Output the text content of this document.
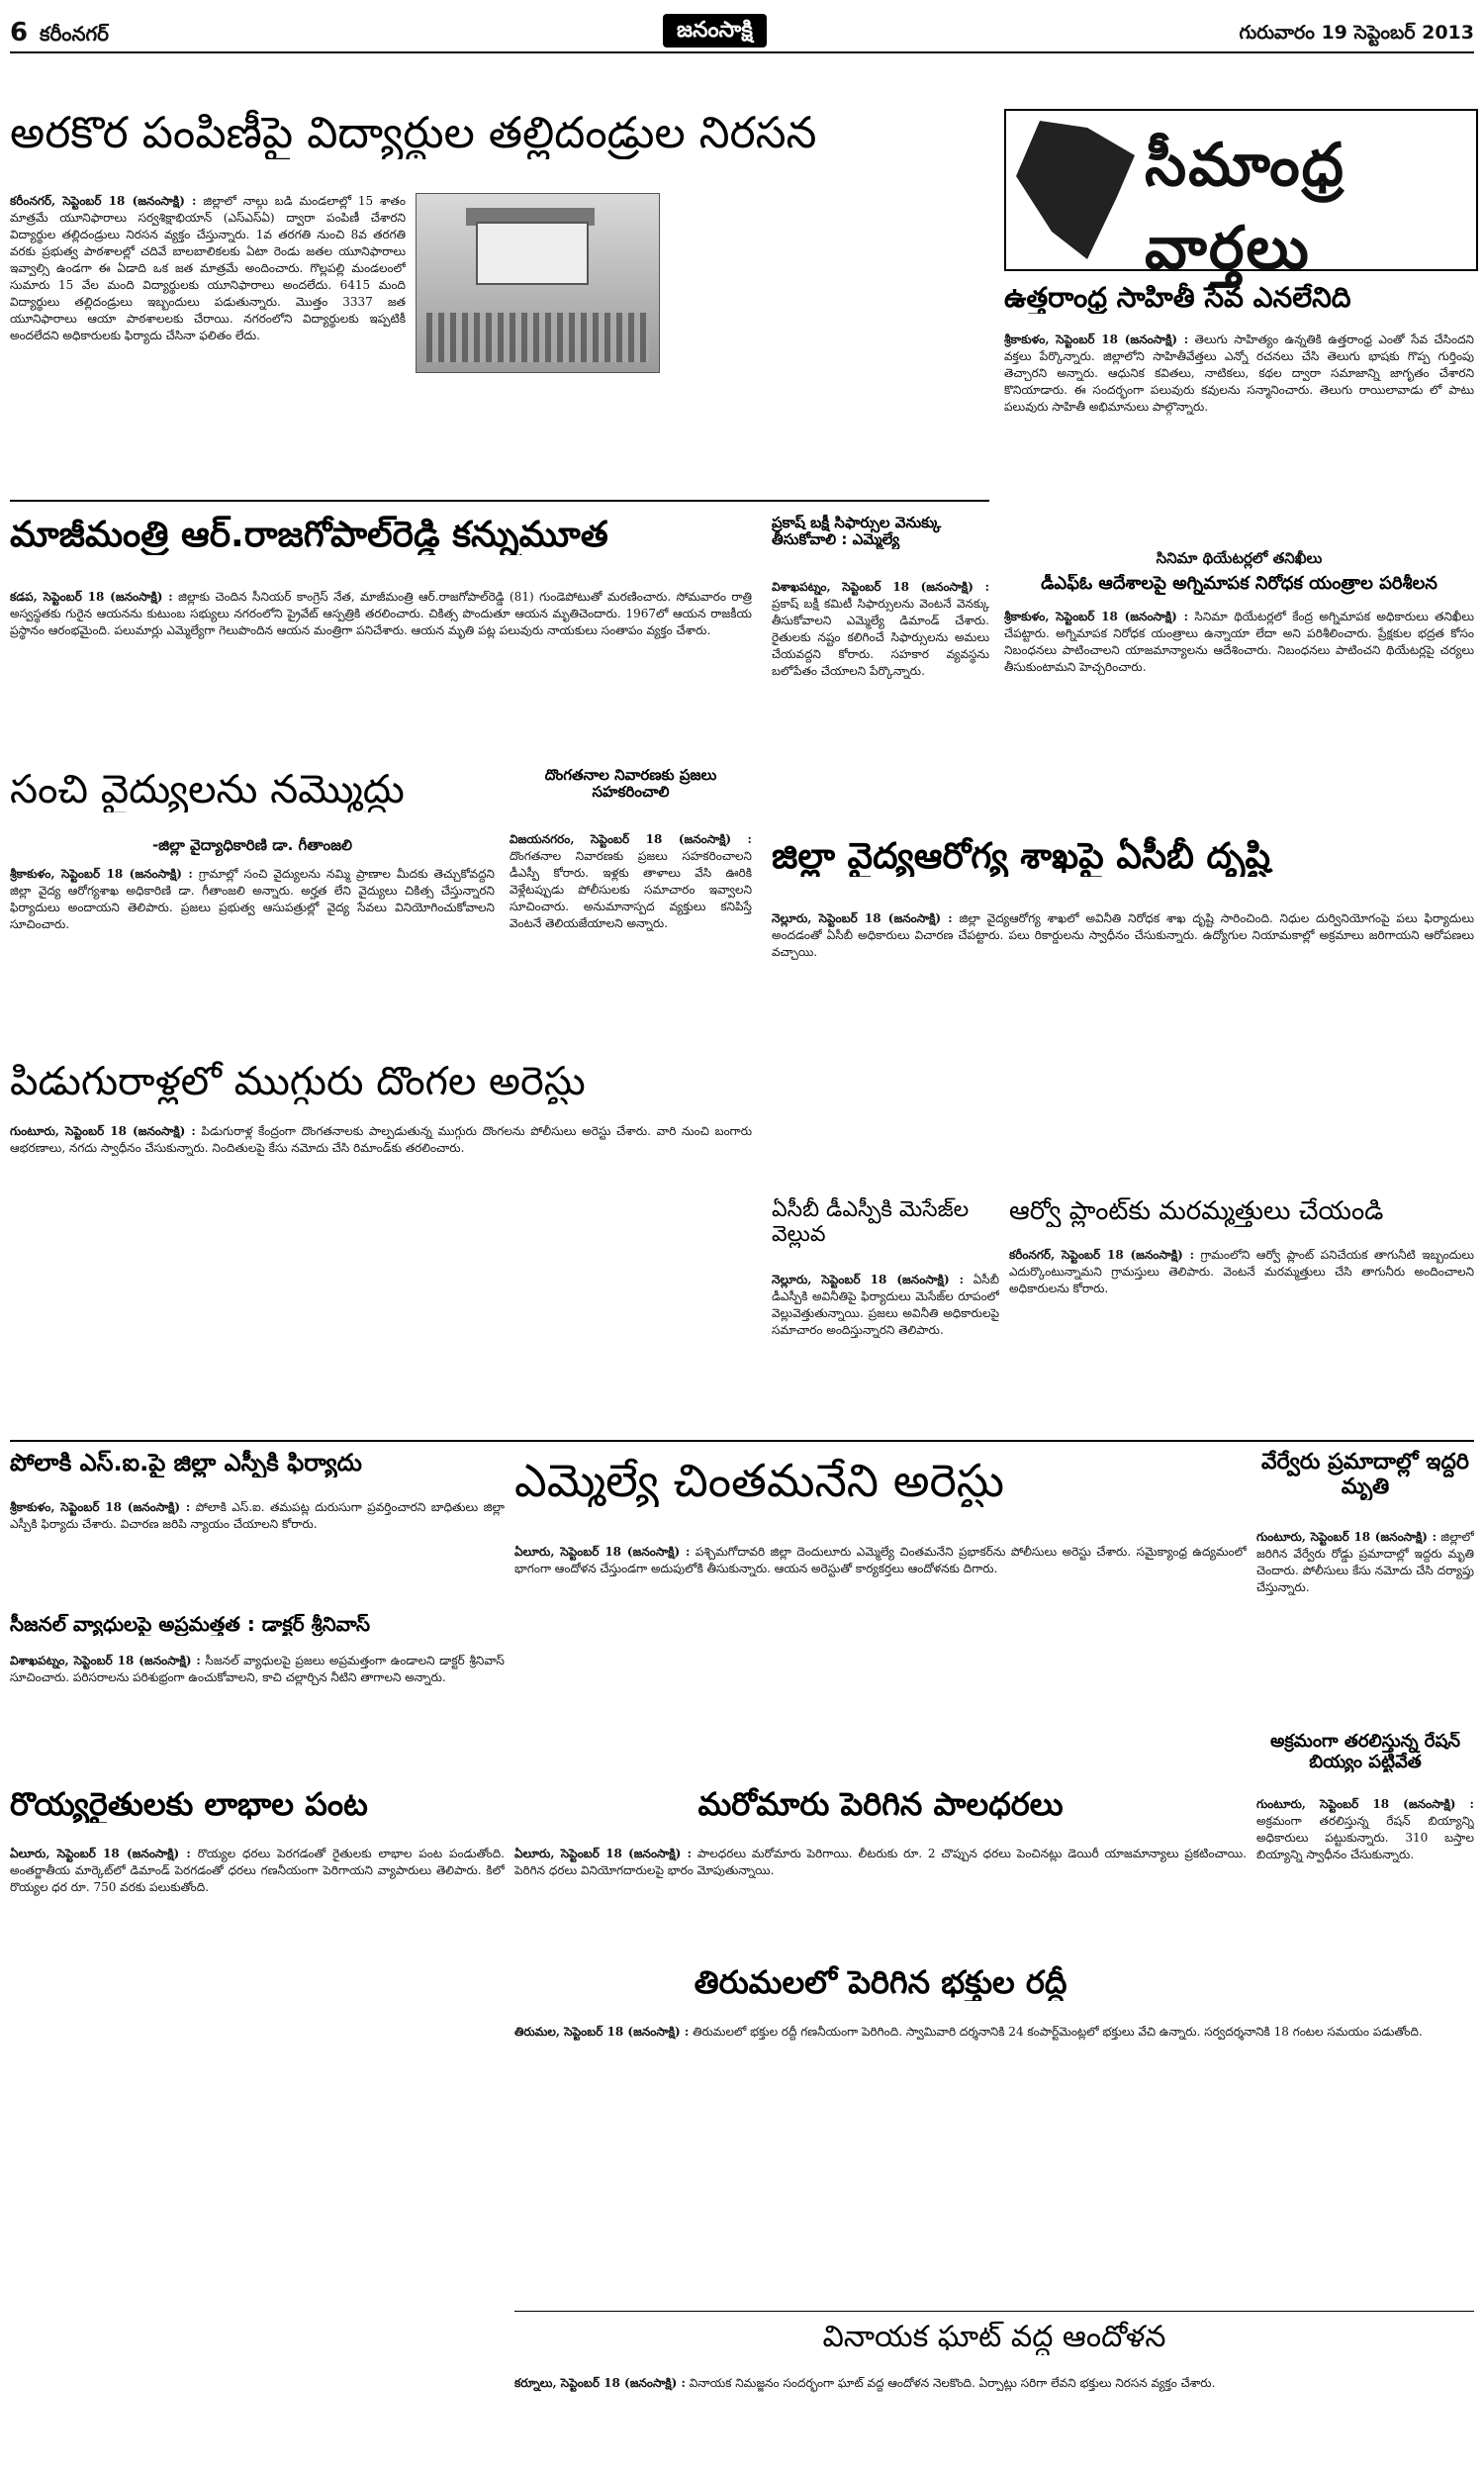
6 కరీంనగర్	జనంసాక్షి	గురువారం 19 సెప్టెంబర్ 2013
అరకొర పంపిణీపై విద్యార్థుల తల్లిదండ్రుల నిరసన
కరీంనగర్, సెప్టెంబర్ 18 (జనంసాక్షి) : జిల్లాలో నాల్గు బడి మండలాల్లో 15 శాతం మాత్రమే యూనిఫారాలు సర్వశిక్షాభియాన్ (ఎస్ఎస్ఏ) ద్వారా పంపిణీ చేశారని విద్యార్థుల తల్లిదండ్రులు నిరసన వ్యక్తం చేస్తున్నారు. 1వ తరగతి నుంచి 8వ తరగతి వరకు ప్రభుత్వ పాఠశాలల్లో చదివే బాలబాలికలకు ఏటా రెండు జతల యూనిఫారాలు ఇవ్వాల్సి ఉండగా ఈ ఏడాది ఒక జత మాత్రమే అందించారు. గొల్లపల్లి మండలంలో సుమారు 15 వేల మంది విద్యార్థులకు యూనిఫారాలు అందలేదు. 6415 మంది విద్యార్థులు తల్లిదండ్రులు ఇబ్బందులు పడుతున్నారు. మొత్తం 3337 జత యూనిఫారాలు ఆయా పాఠశాలలకు చేరాయి. నగరంలోని విద్యార్థులకు ఇప్పటికీ అందలేదని అధికారులకు ఫిర్యాదు చేసినా ఫలితం లేదు.
సీమాంధ్ర వార్తలు
ఉత్తరాంధ్ర సాహితీ సేవ ఎనలేనిది
శ్రీకాకుళం, సెప్టెంబర్ 18 (జనంసాక్షి) : తెలుగు సాహిత్యం ఉన్నతికి ఉత్తరాంధ్ర ఎంతో సేవ చేసిందని వక్తలు పేర్కొన్నారు. జిల్లాలోని సాహితీవేత్తలు ఎన్నో రచనలు చేసి తెలుగు భాషకు గొప్ప గుర్తింపు తెచ్చారని అన్నారు. ఆధునిక కవితలు, నాటికలు, కథల ద్వారా సమాజాన్ని జాగృతం చేశారని కొనియాడారు. ఈ సందర్భంగా పలువురు కవులను సన్మానించారు. తెలుగు రాయిలావాడు లో పాటు పలువురు సాహితీ అభిమానులు పాల్గొన్నారు.
మాజీమంత్రి ఆర్.రాజగోపాల్‌రెడ్డి కన్నుమూత
కడప, సెప్టెంబర్ 18 (జనంసాక్షి) : జిల్లాకు చెందిన సీనియర్ కాంగ్రెస్ నేత, మాజీమంత్రి ఆర్.రాజగోపాల్‌రెడ్డి (81) గుండెపోటుతో మరణించారు. సోమవారం రాత్రి అస్వస్థతకు గురైన ఆయనను కుటుంబ సభ్యులు నగరంలోని ప్రైవేట్ ఆస్పత్రికి తరలించారు. చికిత్స పొందుతూ ఆయన మృతిచెందారు. 1967లో ఆయన రాజకీయ ప్రస్థానం ఆరంభమైంది. పలుమార్లు ఎమ్మెల్యేగా గెలుపొందిన ఆయన మంత్రిగా పనిచేశారు. ఆయన మృతి పట్ల పలువురు నాయకులు సంతాపం వ్యక్తం చేశారు.
ప్రకాష్ బక్షీ సిఫార్సుల వెనుక్కు తీసుకోవాలి : ఎమ్మెల్యే
విశాఖపట్నం, సెప్టెంబర్ 18 (జనంసాక్షి) : ప్రకాష్ బక్షీ కమిటీ సిఫార్సులను వెంటనే వెనక్కు తీసుకోవాలని ఎమ్మెల్యే డిమాండ్ చేశారు. రైతులకు నష్టం కలిగించే సిఫార్సులను అమలు చేయవద్దని కోరారు. సహకార వ్యవస్థను బలోపేతం చేయాలని పేర్కొన్నారు.
సినిమా థియేటర్లలో తనిఖీలు
డీఎఫ్‌ఓ ఆదేశాలపై అగ్నిమాపక నిరోధక యంత్రాల పరిశీలన
శ్రీకాకుళం, సెప్టెంబర్ 18 (జనంసాక్షి) : సినిమా థియేటర్లలో కేంద్ర అగ్నిమాపక అధికారులు తనిఖీలు చేపట్టారు. అగ్నిమాపక నిరోధక యంత్రాలు ఉన్నాయా లేదా అని పరిశీలించారు. ప్రేక్షకుల భద్రత కోసం నిబంధనలు పాటించాలని యాజమాన్యాలను ఆదేశించారు. నిబంధనలు పాటించని థియేటర్లపై చర్యలు తీసుకుంటామని హెచ్చరించారు.
సంచి వైద్యులను నమ్మొద్దు
-జిల్లా వైద్యాధికారిణి డా. గీతాంజలి
శ్రీకాకుళం, సెప్టెంబర్ 18 (జనంసాక్షి) : గ్రామాల్లో సంచి వైద్యులను నమ్మి ప్రాణాల మీదకు తెచ్చుకోవద్దని జిల్లా వైద్య ఆరోగ్యశాఖ అధికారిణి డా. గీతాంజలి అన్నారు. అర్హత లేని వైద్యులు చికిత్స చేస్తున్నారని ఫిర్యాదులు అందాయని తెలిపారు. ప్రజలు ప్రభుత్వ ఆసుపత్రుల్లో వైద్య సేవలు వినియోగించుకోవాలని సూచించారు.
దొంగతనాల నివారణకు ప్రజలు సహకరించాలి
విజయనగరం, సెప్టెంబర్ 18 (జనంసాక్షి) : దొంగతనాల నివారణకు ప్రజలు సహకరించాలని డీఎస్పీ కోరారు. ఇళ్లకు తాళాలు వేసి ఊరికి వెళ్లేటప్పుడు పోలీసులకు సమాచారం ఇవ్వాలని సూచించారు. అనుమానాస్పద వ్యక్తులు కనిపిస్తే వెంటనే తెలియజేయాలని అన్నారు.
జిల్లా వైద్యఆరోగ్య శాఖపై ఏసీబీ దృష్టి
నెల్లూరు, సెప్టెంబర్ 18 (జనంసాక్షి) : జిల్లా వైద్యఆరోగ్య శాఖలో అవినీతి నిరోధక శాఖ దృష్టి సారించింది. నిధుల దుర్వినియోగంపై పలు ఫిర్యాదులు అందడంతో ఏసీబీ అధికారులు విచారణ చేపట్టారు. పలు రికార్డులను స్వాధీనం చేసుకున్నారు. ఉద్యోగుల నియామకాల్లో అక్రమాలు జరిగాయని ఆరోపణలు వచ్చాయి.
పిడుగురాళ్లలో ముగ్గురు దొంగల అరెస్టు
గుంటూరు, సెప్టెంబర్ 18 (జనంసాక్షి) : పిడుగురాళ్ల కేంద్రంగా దొంగతనాలకు పాల్పడుతున్న ముగ్గురు దొంగలను పోలీసులు అరెస్టు చేశారు. వారి నుంచి బంగారు ఆభరణాలు, నగదు స్వాధీనం చేసుకున్నారు. నిందితులపై కేసు నమోదు చేసి రిమాండ్‌కు తరలించారు.
ఏసీబీ డీఎస్పీకి మెసేజ్‌ల వెల్లువ
నెల్లూరు, సెప్టెంబర్ 18 (జనంసాక్షి) : ఏసీబీ డీఎస్పీకి అవినీతిపై ఫిర్యాదులు మెసేజ్‌ల రూపంలో వెల్లువెత్తుతున్నాయి. ప్రజలు అవినీతి అధికారులపై సమాచారం అందిస్తున్నారని తెలిపారు.
ఆర్వో ప్లాంట్‌కు మరమ్మత్తులు చేయండి
కరీంనగర్, సెప్టెంబర్ 18 (జనంసాక్షి) : గ్రామంలోని ఆర్వో ప్లాంట్ పనిచేయక తాగునీటి ఇబ్బందులు ఎదుర్కొంటున్నామని గ్రామస్తులు తెలిపారు. వెంటనే మరమ్మత్తులు చేసి తాగునీరు అందించాలని అధికారులను కోరారు.
పోలాకి ఎస్.ఐ.పై జిల్లా ఎస్పీకి ఫిర్యాదు
శ్రీకాకుళం, సెప్టెంబర్ 18 (జనంసాక్షి) : పోలాకి ఎస్.ఐ. తమపట్ల దురుసుగా ప్రవర్తించారని బాధితులు జిల్లా ఎస్పీకి ఫిర్యాదు చేశారు. విచారణ జరిపి న్యాయం చేయాలని కోరారు.
సీజనల్ వ్యాధులపై అప్రమత్తత : డాక్టర్ శ్రీనివాస్
విశాఖపట్నం, సెప్టెంబర్ 18 (జనంసాక్షి) : సీజనల్ వ్యాధులపై ప్రజలు అప్రమత్తంగా ఉండాలని డాక్టర్ శ్రీనివాస్ సూచించారు. పరిసరాలను పరిశుభ్రంగా ఉంచుకోవాలని, కాచి చల్లార్చిన నీటిని తాగాలని అన్నారు.
రొయ్యరైతులకు లాభాల పంట
ఏలూరు, సెప్టెంబర్ 18 (జనంసాక్షి) : రొయ్యల ధరలు పెరగడంతో రైతులకు లాభాల పంట పండుతోంది. అంతర్జాతీయ మార్కెట్‌లో డిమాండ్ పెరగడంతో ధరలు గణనీయంగా పెరిగాయని వ్యాపారులు తెలిపారు. కిలో రొయ్యల ధర రూ. 750 వరకు పలుకుతోంది.
ఎమ్మెల్యే చింతమనేని అరెస్టు
ఏలూరు, సెప్టెంబర్ 18 (జనంసాక్షి) : పశ్చిమగోదావరి జిల్లా దెందులూరు ఎమ్మెల్యే చింతమనేని ప్రభాకర్‌ను పోలీసులు అరెస్టు చేశారు. సమైక్యాంధ్ర ఉద్యమంలో భాగంగా ఆందోళన చేస్తుండగా అదుపులోకి తీసుకున్నారు. ఆయన అరెస్టుతో కార్యకర్తలు ఆందోళనకు దిగారు.
వేర్వేరు ప్రమాదాల్లో ఇద్దరి మృతి
గుంటూరు, సెప్టెంబర్ 18 (జనంసాక్షి) : జిల్లాలో జరిగిన వేర్వేరు రోడ్డు ప్రమాదాల్లో ఇద్దరు మృతి చెందారు. పోలీసులు కేసు నమోదు చేసి దర్యాప్తు చేస్తున్నారు.
అక్రమంగా తరలిస్తున్న రేషన్ బియ్యం పట్టివేత
గుంటూరు, సెప్టెంబర్ 18 (జనంసాక్షి) : అక్రమంగా తరలిస్తున్న రేషన్ బియ్యాన్ని అధికారులు పట్టుకున్నారు. 310 బస్తాల బియ్యాన్ని స్వాధీనం చేసుకున్నారు.
మరోమారు పెరిగిన పాలధరలు
ఏలూరు, సెప్టెంబర్ 18 (జనంసాక్షి) : పాలధరలు మరోమారు పెరిగాయి. లీటరుకు రూ. 2 చొప్పున ధరలు పెంచినట్లు డెయిరీ యాజమాన్యాలు ప్రకటించాయి. పెరిగిన ధరలు వినియోగదారులపై భారం మోపుతున్నాయి.
తిరుమలలో పెరిగిన భక్తుల రద్దీ
తిరుమల, సెప్టెంబర్ 18 (జనంసాక్షి) : తిరుమలలో భక్తుల రద్దీ గణనీయంగా పెరిగింది. స్వామివారి దర్శనానికి 24 కంపార్ట్‌మెంట్లలో భక్తులు వేచి ఉన్నారు. సర్వదర్శనానికి 18 గంటల సమయం పడుతోంది.
వినాయక ఘాట్ వద్ద ఆందోళన
కర్నూలు, సెప్టెంబర్ 18 (జనంసాక్షి) : వినాయక నిమజ్జనం సందర్భంగా ఘాట్ వద్ద ఆందోళన నెలకొంది. ఏర్పాట్లు సరిగా లేవని భక్తులు నిరసన వ్యక్తం చేశారు.
